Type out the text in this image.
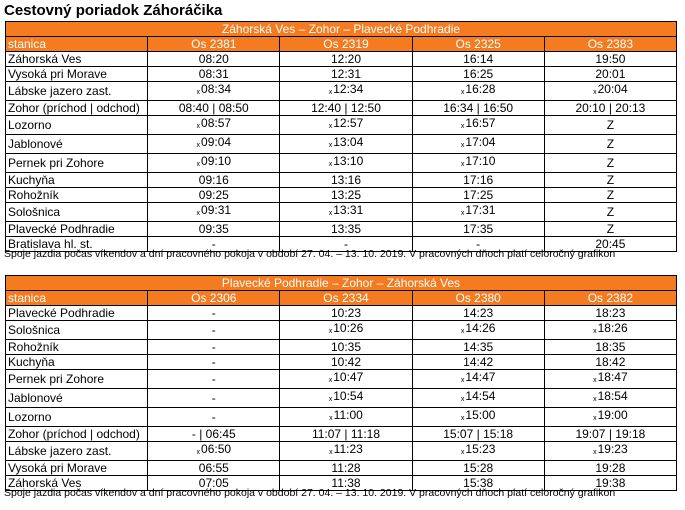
Cestovný poriadok Záhoráčika
Záhorská Ves – Zohor – Plavecké Podhradie				
stanica	Os 2381	Os 2319	Os 2325	Os 2383
Záhorská Ves	08:20	12:20	16:14	19:50
Vysoká pri Morave	08:31	12:31	16:25	20:01
Lábske jazero zast.	$_x$08:34	$_x$12:34	$_x$16:28	$_x$20:04
Zohor (príchod | odchod)	08:40 | 08:50	12:40 | 12:50	16:34 | 16:50	20:10 | 20:13
Lozorno	$_x$08:57	$_x$12:57	$_x$16:57	Z
Jablonové	$_x$09:04	$_x$13:04	$_x$17:04	Z
Pernek pri Zohore	$_x$09:10	$_x$13:10	$_x$17:10	Z
Kuchyňa	09:16	13:16	17:16	Z
Rohožník	09:25	13:25	17:25	Z
Sološnica	$_x$09:31	$_x$13:31	$_x$17:31	Z
Plavecké Podhradie	09:35	13:35	17:35	Z
Bratislava hl. st.	-	-	-	20:45
Spoje jazdia počas víkendov a dní pracovného pokoja v období 27. 04. – 13. 10. 2019. V pracovných dňoch platí celoročný grafikon
Plavecké Podhradie – Zohor – Záhorská Ves				
stanica	Os 2306	Os 2334	Os 2380	Os 2382
Plavecké Podhradie	-	10:23	14:23	18:23
Sološnica	-	$_x$10:26	$_x$14:26	$_x$18:26
Rohožník	-	10:35	14:35	18:35
Kuchyňa	-	10:42	14:42	18:42
Pernek pri Zohore	-	$_x$10:47	$_x$14:47	$_x$18:47
Jablonové	-	$_x$10:54	$_x$14:54	$_x$18:54
Lozorno	-	$_x$11:00	$_x$15:00	$_x$19:00
Zohor (príchod | odchod)	- | 06:45	11:07 | 11:18	15:07 | 15:18	19:07 | 19:18
Lábske jazero zast.	$_x$06:50	$_x$11:23	$_x$15:23	$_x$19:23
Vysoká pri Morave	06:55	11:28	15:28	19:28
Záhorská Ves	07:05	11:38	15:38	19:38
Spoje jazdia počas víkendov a dní pracovného pokoja v období 27. 04. – 13. 10. 2019. V pracovných dňoch platí celoročný grafikon
